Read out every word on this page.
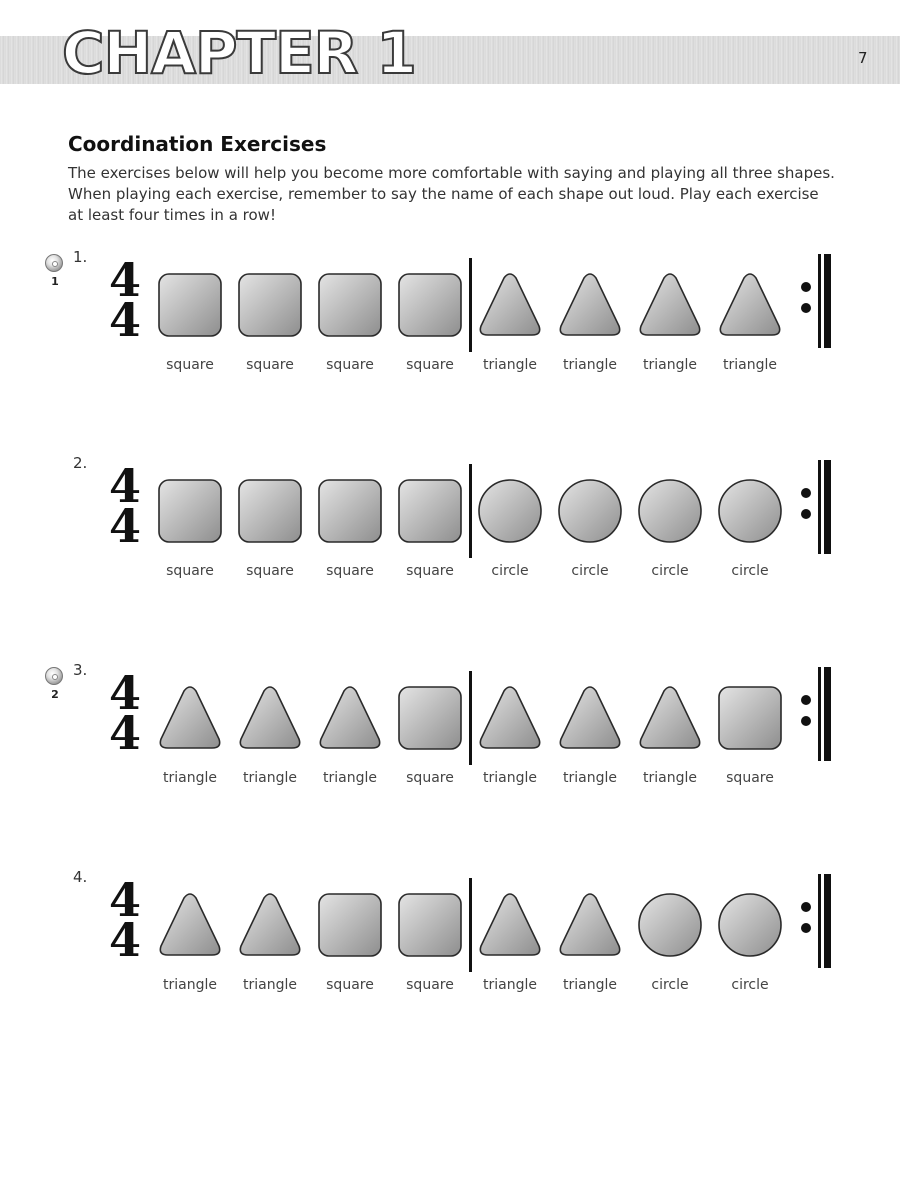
CHAPTER 1	7
Coordination Exercises

The exercises below will help you become more comfortable with saying and playing all three shapes. When playing each exercise, remember to say the name of each shape out loud. Play each exercise at least four times in a row!

1
1. 4
4
square	square	square	square	triangle	triangle	triangle	triangle
2. 4
4
square	square	square	square	circle	circle	circle	circle
2
3. 4
4
triangle	triangle	triangle	square	triangle	triangle	triangle	square
4. 4
4
triangle	triangle	square	square	triangle	triangle	circle	circle
